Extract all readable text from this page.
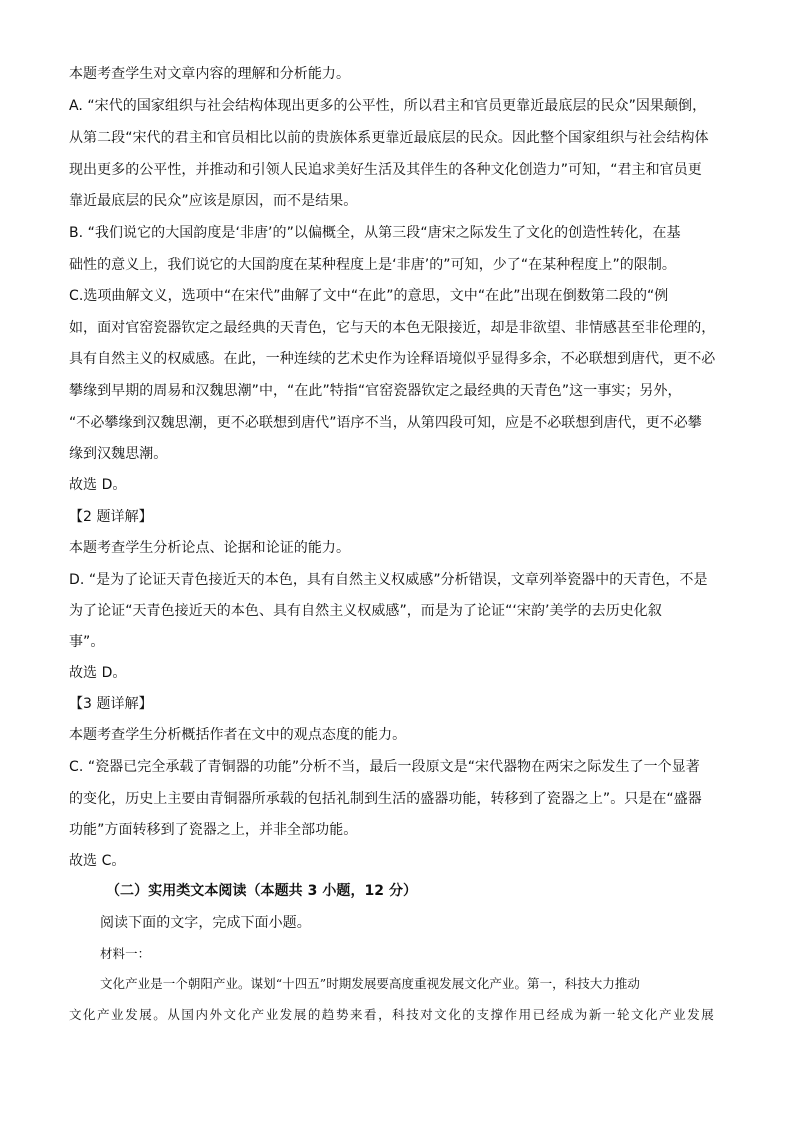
本题考查学生对文章内容的理解和分析能力。
A. “宋代的国家组织与社会结构体现出更多的公平性，所以君主和官员更靠近最底层的民众”因果颠倒，
从第二段“宋代的君主和官员相比以前的贵族体系更靠近最底层的民众。因此整个国家组织与社会结构体
现出更多的公平性，并推动和引领人民追求美好生活及其伴生的各种文化创造力”可知，“君主和官员更
靠近最底层的民众”应该是原因，而不是结果。
B. “我们说它的大国韵度是‘非唐’的”以偏概全，从第三段“唐宋之际发生了文化的创造性转化，在基
础性的意义上，我们说它的大国韵度在某种程度上是‘非唐’的”可知，少了“在某种程度上”的限制。
C.选项曲解文义，选项中“在宋代”曲解了文中“在此”的意思，文中“在此”出现在倒数第二段的“例
如，面对官窑瓷器钦定之最经典的天青色，它与天的本色无限接近，却是非欲望、非情感甚至非伦理的，
具有自然主义的权威感。在此，一种连续的艺术史作为诠释语境似乎显得多余，不必联想到唐代，更不必
攀缘到早期的周易和汉魏思潮”中，“在此”特指“官窑瓷器钦定之最经典的天青色”这一事实；另外，
“不必攀缘到汉魏思潮，更不必联想到唐代”语序不当，从第四段可知，应是不必联想到唐代，更不必攀
缘到汉魏思潮。
故选 D。
【2 题详解】
本题考查学生分析论点、论据和论证的能力。
D. “是为了论证天青色接近天的本色，具有自然主义权威感”分析错误，文章列举瓷器中的天青色，不是
为了论证“天青色接近天的本色、具有自然主义权威感”，而是为了论证“‘宋韵’美学的去历史化叙
事”。
故选 D。
【3 题详解】
本题考查学生分析概括作者在文中的观点态度的能力。
C. “瓷器已完全承载了青铜器的功能”分析不当，最后一段原文是“宋代器物在两宋之际发生了一个显著
的变化，历史上主要由青铜器所承载的包括礼制到生活的盛器功能，转移到了瓷器之上”。只是在“盛器
功能”方面转移到了瓷器之上，并非全部功能。
故选 C。
（二）实用类文本阅读（本题共 3 小题，12 分）
阅读下面的文字，完成下面小题。
材料一：
文化产业是一个朝阳产业。谋划“十四五”时期发展要高度重视发展文化产业。第一，科技大力推动
文化产业发展。从国内外文化产业发展的趋势来看，科技对文化的支撑作用已经成为新一轮文化产业发展
